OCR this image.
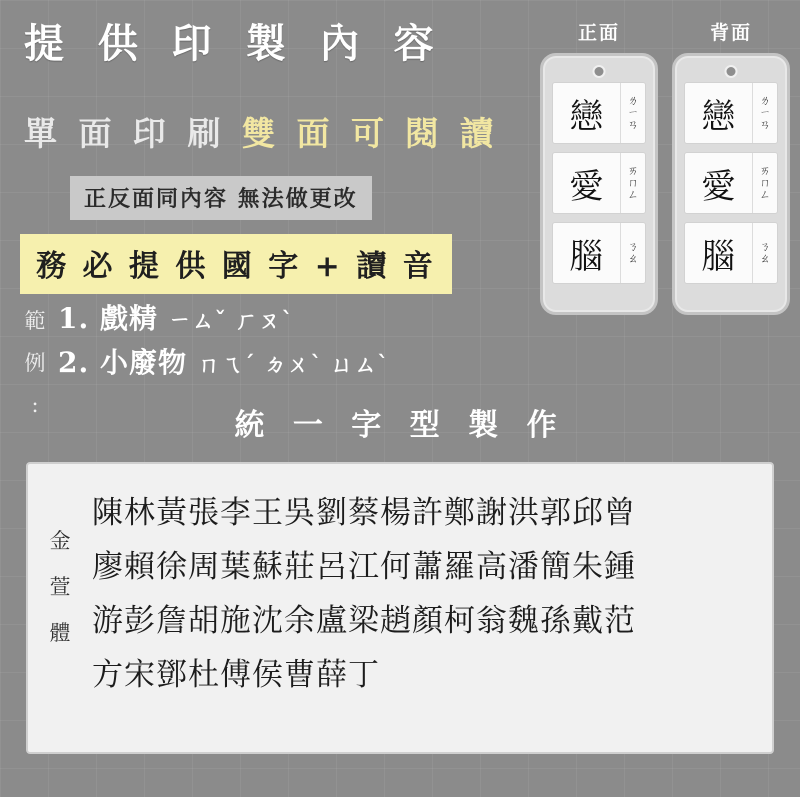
提 供 印 製 內 容
單 面 印 刷 雙 面 可 閱 讀
正反面同內容 無法做更改
務 必 提 供 國 字 + 讀 音
範
例
:
1. 戲精 ㄧㄙˇ ㄏㄡˋ
2. 小廢物 ㄇㄟˊ ㄉㄨˋ ㄩㄙˋ
統 一 字 型 製 作
金
萱
體
陳林黃張李王吳劉蔡楊許鄭謝洪郭邱曾
廖賴徐周葉蘇莊呂江何蕭羅高潘簡朱鍾
游彭詹胡施沈余盧梁趙顏柯翁魏孫戴范
方宋鄧杜傅侯曹薛丁
正面
戀	ㄌ
ㄧ
ㄢ
愛	ㄞ
ㄇ
ㄥ
腦	ㄋ
ㄠ
背面
戀	ㄌ
ㄧ
ㄢ
愛	ㄞ
ㄇ
ㄥ
腦	ㄋ
ㄠ
